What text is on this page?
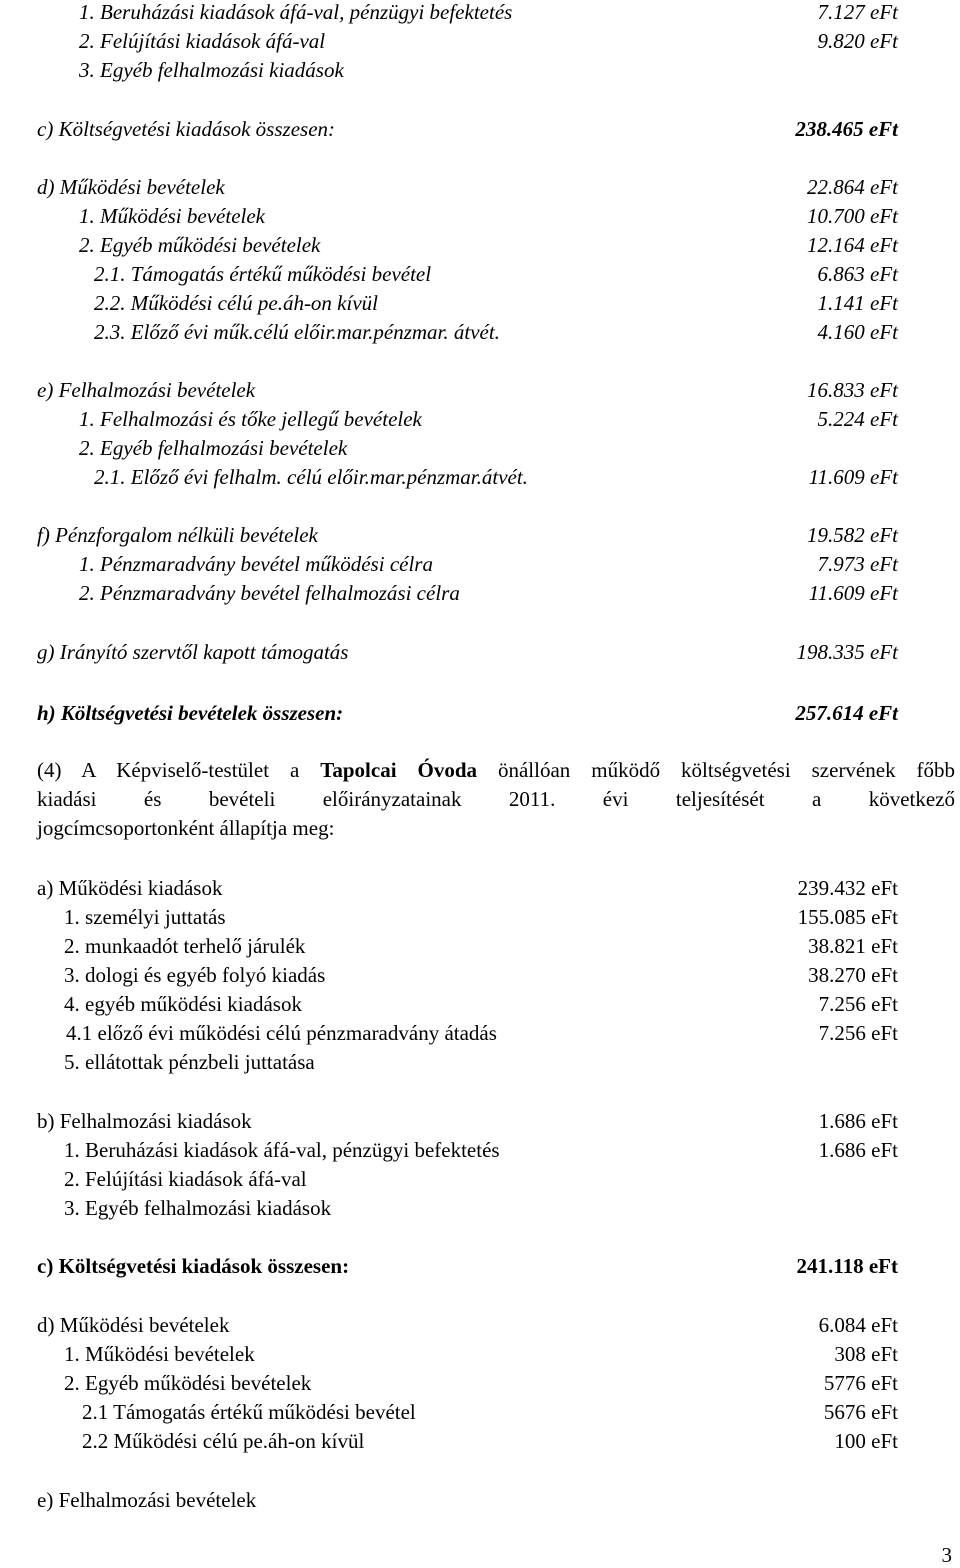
1. Beruházási kiadások áfá-val, pénzügyi befektetés	7.127 eFt
2. Felújítási kiadások áfá-val	9.820 eFt
3. Egyéb felhalmozási kiadások
c) Költségvetési kiadások összesen:	238.465 eFt
d) Működési bevételek	22.864 eFt
1. Működési bevételek	10.700 eFt
2. Egyéb működési bevételek	12.164 eFt
2.1. Támogatás értékű működési bevétel	6.863 eFt
2.2. Működési célú pe.áh-on kívül	1.141 eFt
2.3. Előző évi műk.célú előir.mar.pénzmar. átvét.	4.160 eFt
e) Felhalmozási bevételek	16.833 eFt
1. Felhalmozási és tőke jellegű bevételek	5.224 eFt
2. Egyéb felhalmozási bevételek
2.1. Előző évi felhalm. célú előir.mar.pénzmar.átvét.	11.609 eFt
f) Pénzforgalom nélküli bevételek	19.582 eFt
1. Pénzmaradvány bevétel működési célra	7.973 eFt
2. Pénzmaradvány bevétel felhalmozási célra	11.609 eFt
g) Irányító szervtől kapott támogatás	198.335 eFt
h) Költségvetési bevételek összesen:	257.614 eFt
(4) A Képviselő-testület a Tapolcai Óvoda önállóan működő költségvetési szervének főbb
kiadási és bevételi előirányzatainak 2011. évi teljesítését a következő
jogcímcsoportonként állapítja meg:
a) Működési kiadások	239.432 eFt
1. személyi juttatás	155.085 eFt
2. munkaadót terhelő járulék	38.821 eFt
3. dologi és egyéb folyó kiadás	38.270 eFt
4. egyéb működési kiadások	7.256 eFt
4.1 előző évi működési célú pénzmaradvány átadás	7.256 eFt
5. ellátottak pénzbeli juttatása
b) Felhalmozási kiadások	1.686 eFt
1. Beruházási kiadások áfá-val, pénzügyi befektetés	1.686 eFt
2. Felújítási kiadások áfá-val
3. Egyéb felhalmozási kiadások
c) Költségvetési kiadások összesen:	241.118 eFt
d) Működési bevételek	6.084 eFt
1. Működési bevételek	308 eFt
2. Egyéb működési bevételek	5776 eFt
2.1 Támogatás értékű működési bevétel	5676 eFt
2.2 Működési célú pe.áh-on kívül	100 eFt
e) Felhalmozási bevételek
3
